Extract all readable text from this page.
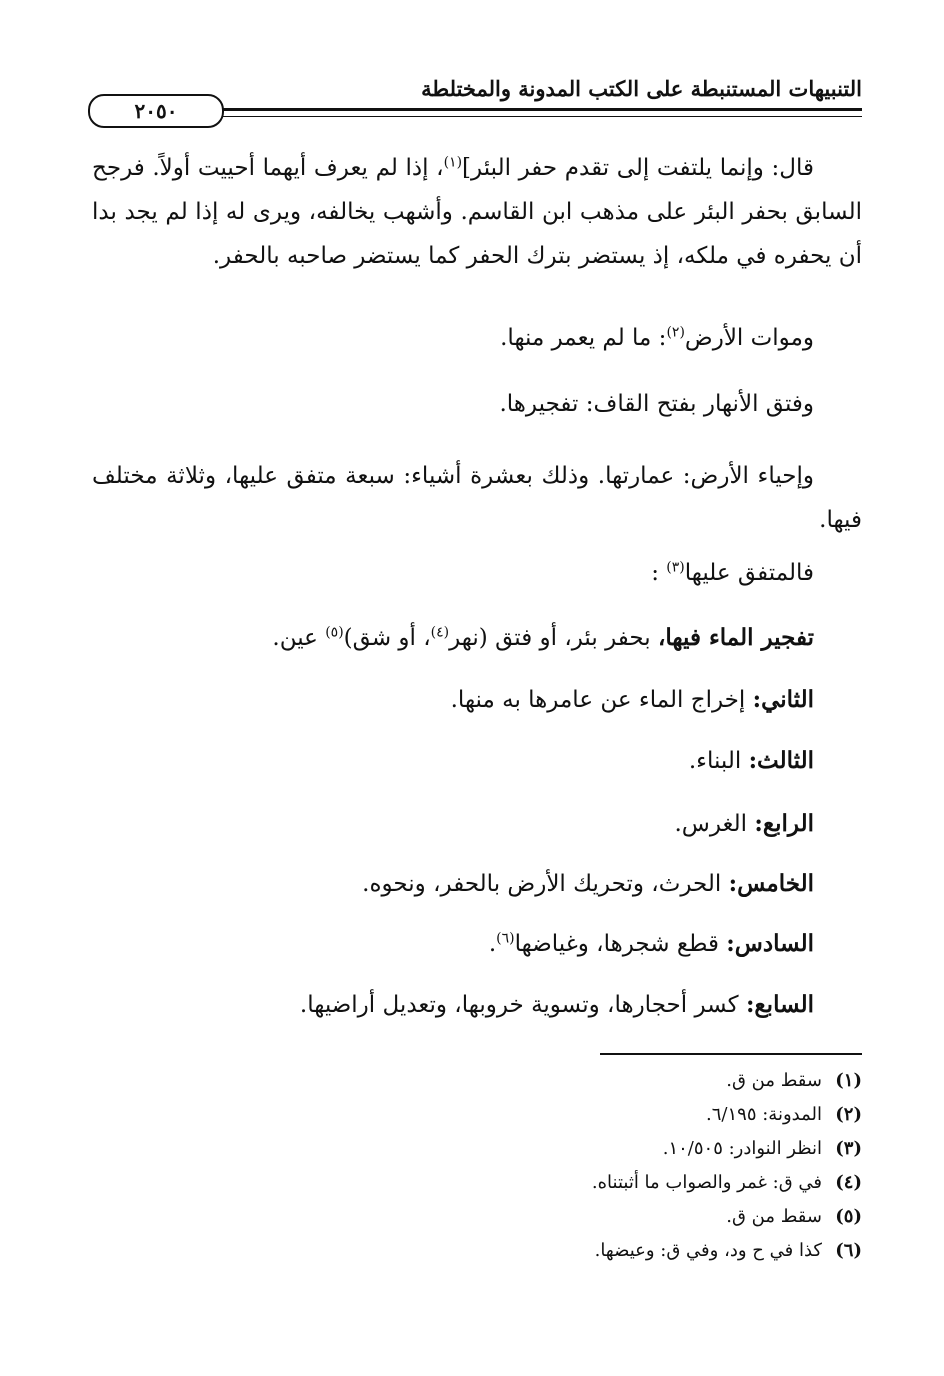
التنبيهات المستنبطة على الكتب المدونة والمختلطة
٢٠٥٠
قال: وإنما يلتفت إلى تقدم حفر البئر]$^{(١)}$، إذا لم يعرف أيهما أحييت أولاً. فرجح السابق بحفر البئر على مذهب ابن القاسم. وأشهب يخالفه، ويرى له إذا لم يجد بدا أن يحفره في ملكه، إذ يستضر بترك الحفر كما يستضر صاحبه بالحفر.
وموات الأرض$^{(٢)}$: ما لم يعمر منها.
وفتق الأنهار بفتح القاف: تفجيرها.
وإحياء الأرض: عمارتها. وذلك بعشرة أشياء: سبعة متفق عليها، وثلاثة مختلف فيها.
فالمتفق عليها$^{(٣)}$ :
تفجير الماء فيها، بحفر بئر، أو فتق (نهر$^{(٤)}$، أو شق)$^{(٥)}$ عين.
الثاني: إخراج الماء عن عامرها به منها.
الثالث: البناء.
الرابع: الغرس.
الخامس: الحرث، وتحريك الأرض بالحفر، ونحوه.
السادس: قطع شجرها، وغياضها$^{(٦)}$.
السابع: كسر أحجارها، وتسوية خروبها، وتعديل أراضيها.
(١)سقط من ق.
(٢)المدونة: ٦/١٩٥.
(٣)انظر النوادر: ١٠/٥٠٥.
(٤)في ق: غمر والصواب ما أثبتناه.
(٥)سقط من ق.
(٦)كذا في ح ود، وفي ق: وعيضها.
